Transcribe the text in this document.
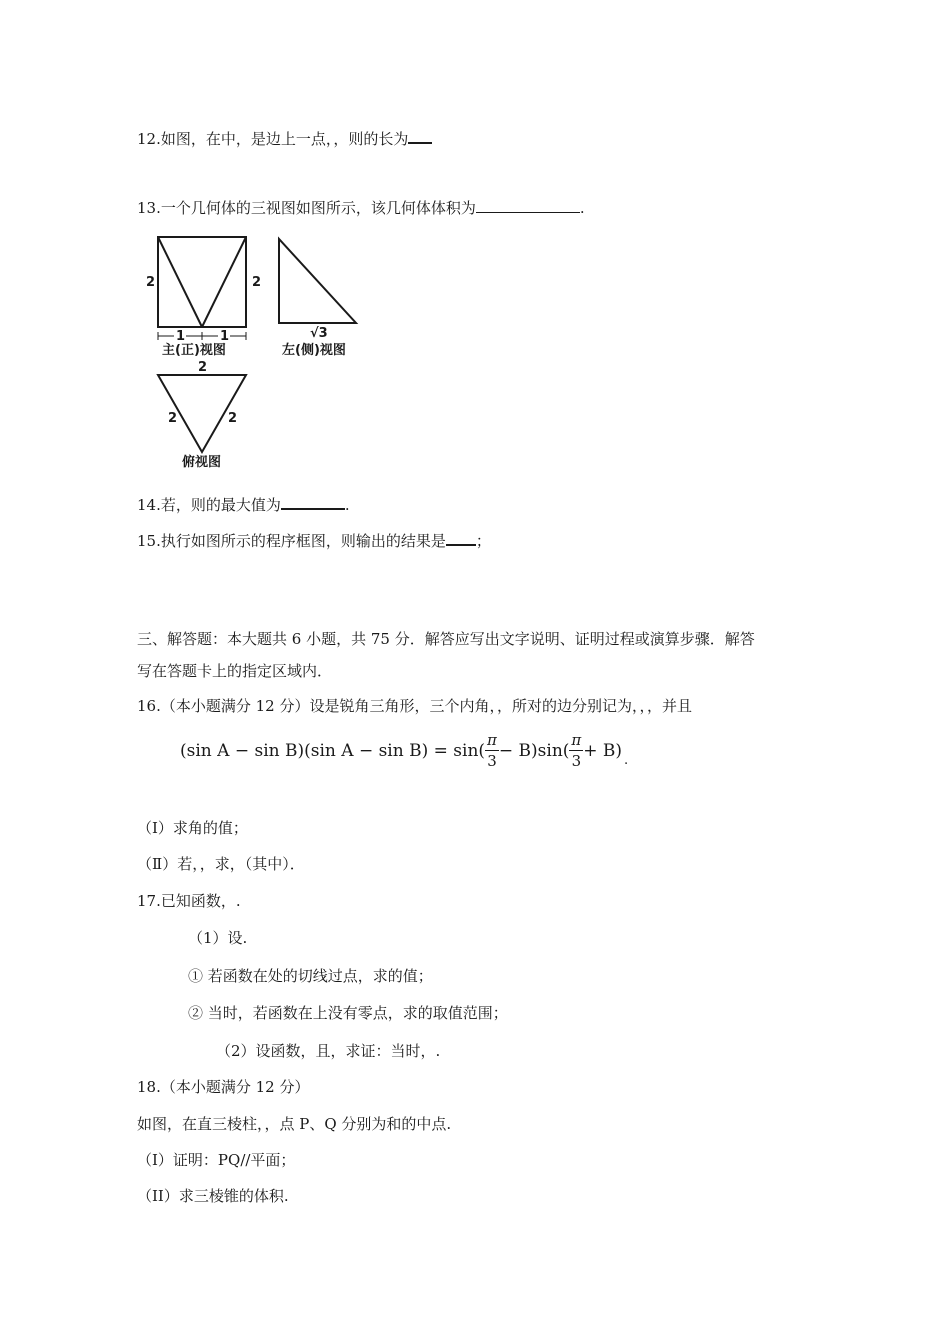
12.如图，在中，是边上一点，，则的长为
13.一个几何体的三视图如图所示，该几何体体积为	.
2	2
1	1	√3
主(正)视图	左(侧)视图
2
2	2
俯视图
14.若，则的最大值为	.
15.执行如图所示的程序框图，则输出的结果是 ；
三、解答题：本大题共 6 小题，共 75 分．解答应写出文字说明、证明过程或演算步骤．解答
写在答题卡上的指定区域内．
16.（本小题满分 12 分）设是锐角三角形，三个内角，，所对的边分别记为，，，并且
(sin A − sin B)(sin $A - \sin B) = \sin( \frac{\pi}{3} - B)\sin( \frac{\pi}{3} + B)$ .
（Ⅰ）求角的值；
（Ⅱ）若，，求，（其中）．
17.已知函数，.
（1）设.
① 若函数在处的切线过点，求的值；
② 当时，若函数在上没有零点，求的取值范围；
（2）设函数，且，求证：当时，.
18.（本小题满分 12 分）
如图，在直三棱柱，，点 P、Q 分别为和的中点.
（I）证明：PQ//平面；
（II）求三棱锥的体积.
